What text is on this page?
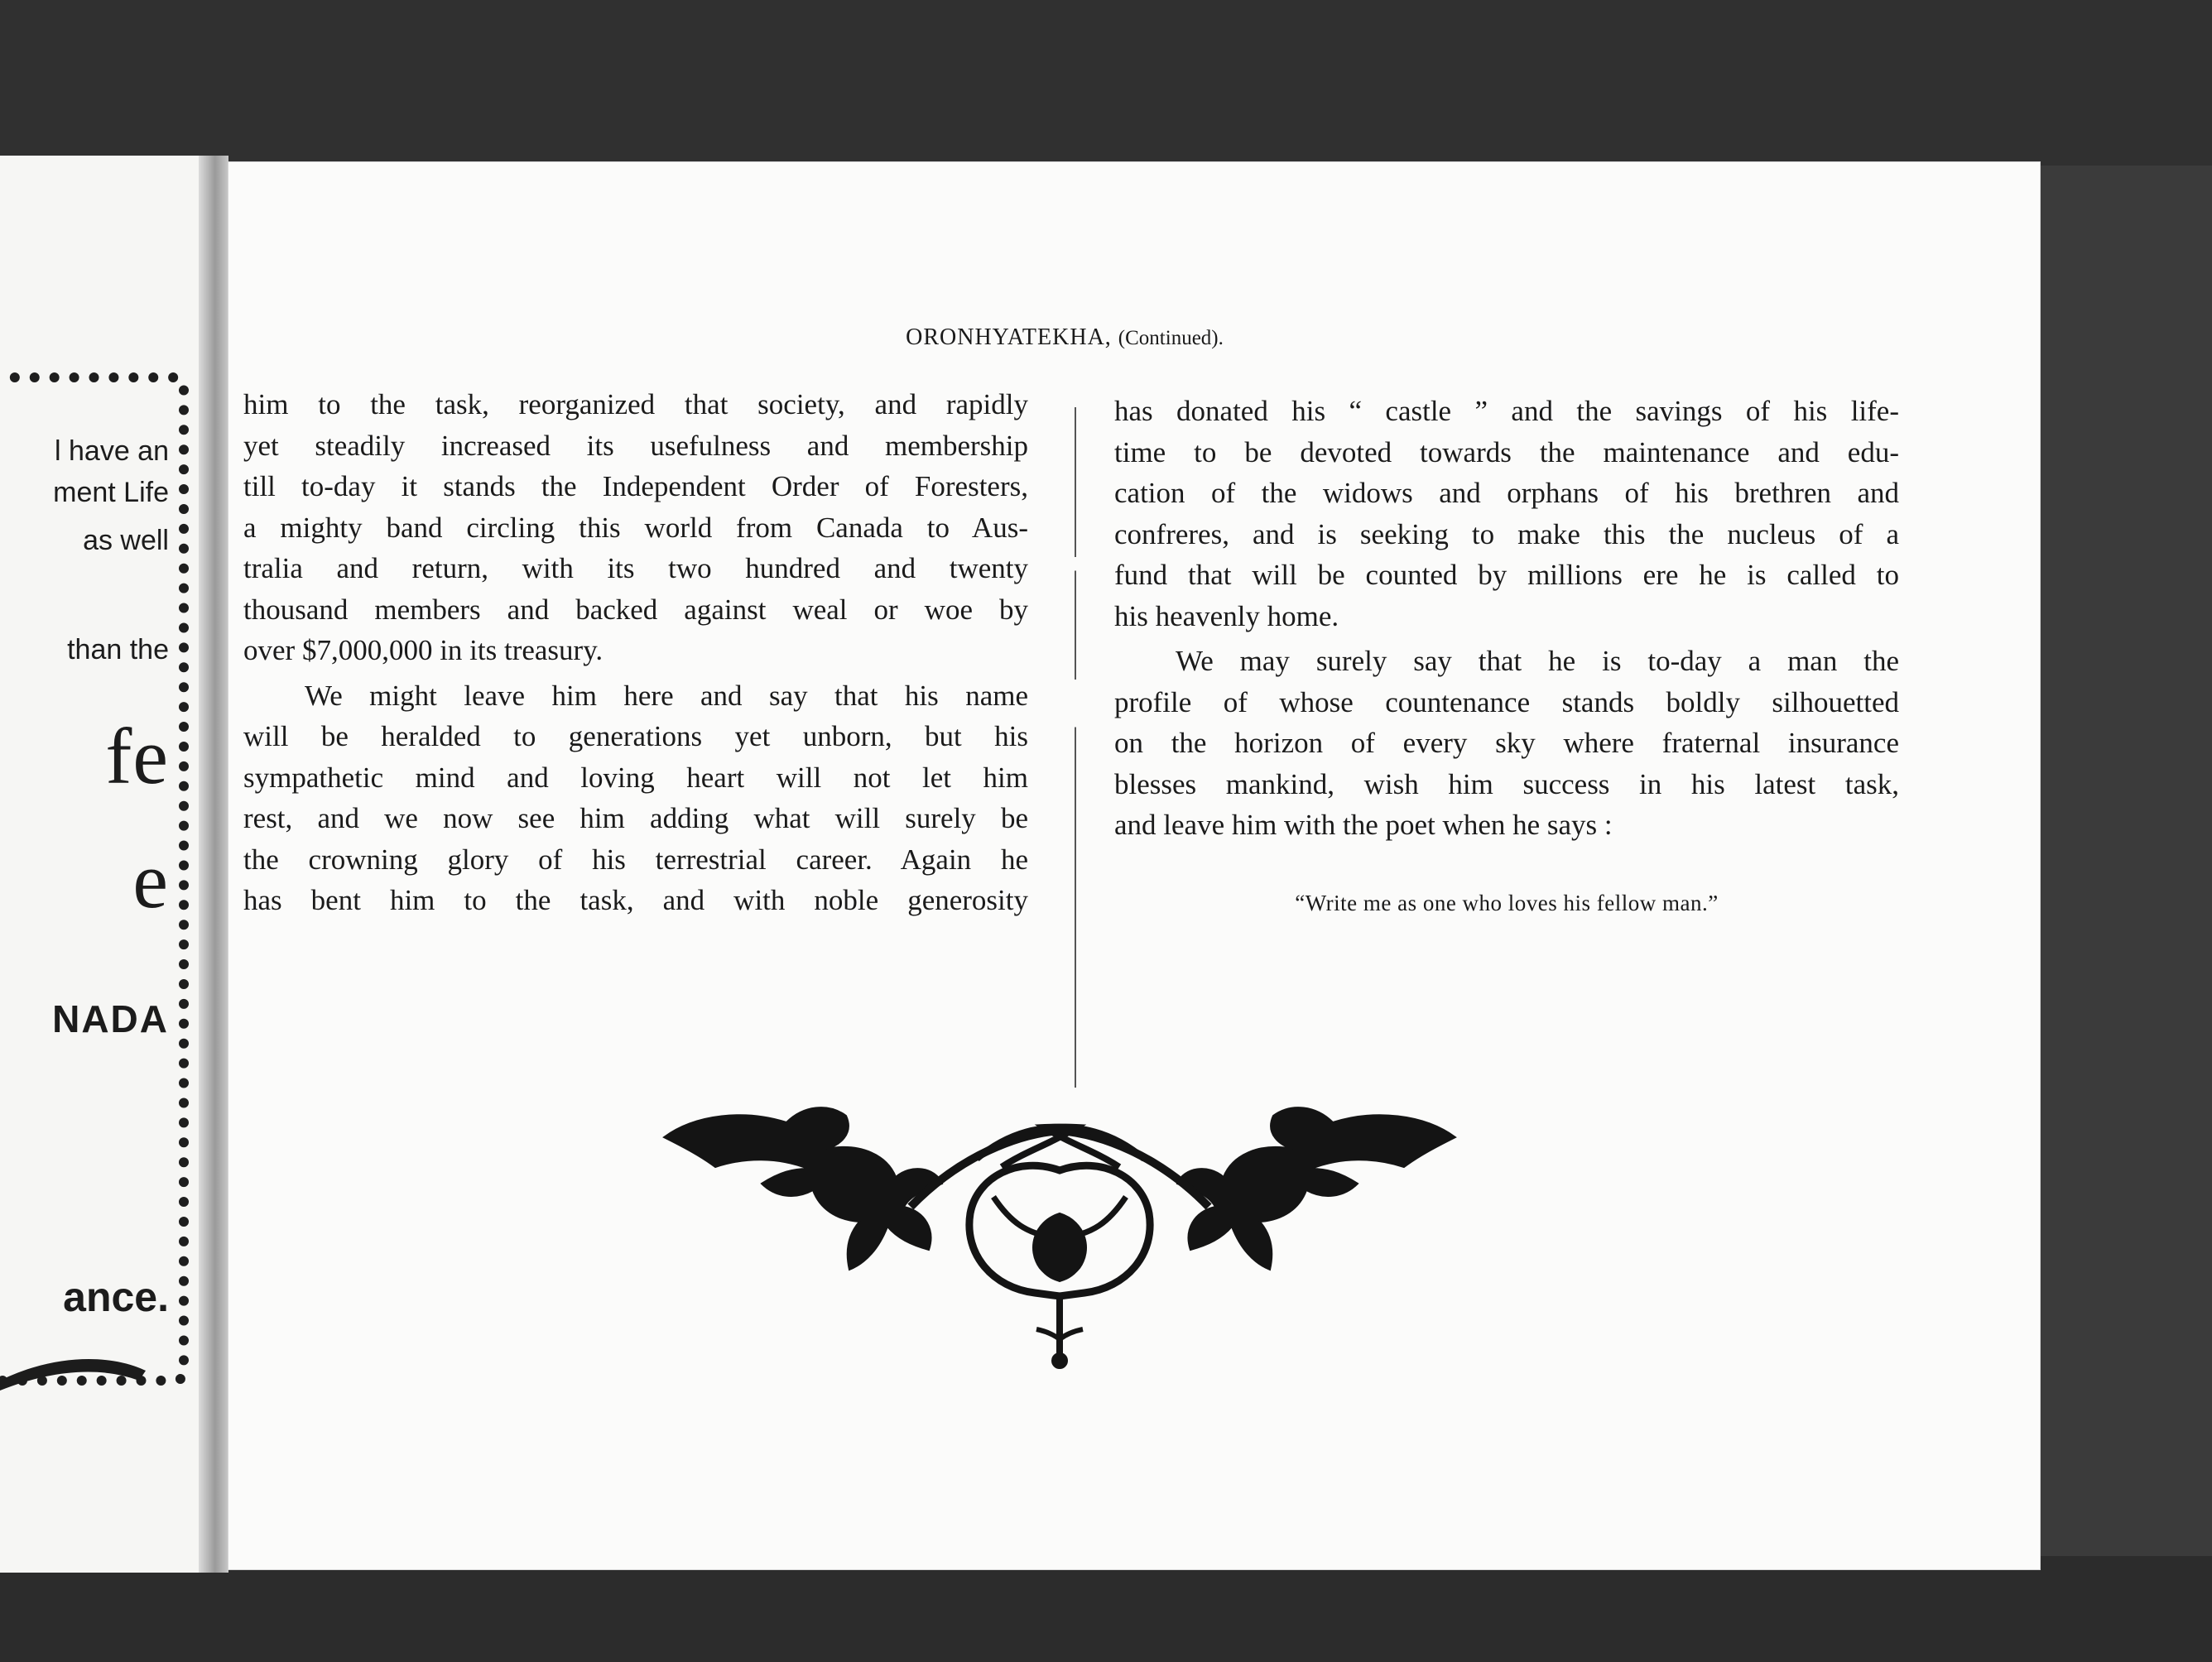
l have an
ment Life
as well
than the
fe
e
NADA
ance.
ORONHYATEKHA, (Continued).

him to the task, reorganized that society, and rapidly
yet steadily increased its usefulness and membership
till to-day it stands the Independent Order of Foresters,
a mighty band circling this world from Canada to Aus-
tralia and return, with its two hundred and twenty
thousand members and backed against weal or woe by
over $7,000,000 in its treasury.

We might leave him here and say that his name
will be heralded to generations yet unborn, but his
sympathetic mind and loving heart will not let him
rest, and we now see him adding what will surely be
the crowning glory of his terrestrial career. Again he
has bent him to the task, and with noble generosity

has donated his “ castle ” and the savings of his life-
time to be devoted towards the maintenance and edu-
cation of the widows and orphans of his brethren and
confreres, and is seeking to make this the nucleus of a
fund that will be counted by millions ere he is called to
his heavenly home.

We may surely say that he is to-day a man the
profile of whose countenance stands boldly silhouetted
on the horizon of every sky where fraternal insurance
blesses mankind, wish him success in his latest task,
and leave him with the poet when he says :

“Write me as one who loves his fellow man.”
